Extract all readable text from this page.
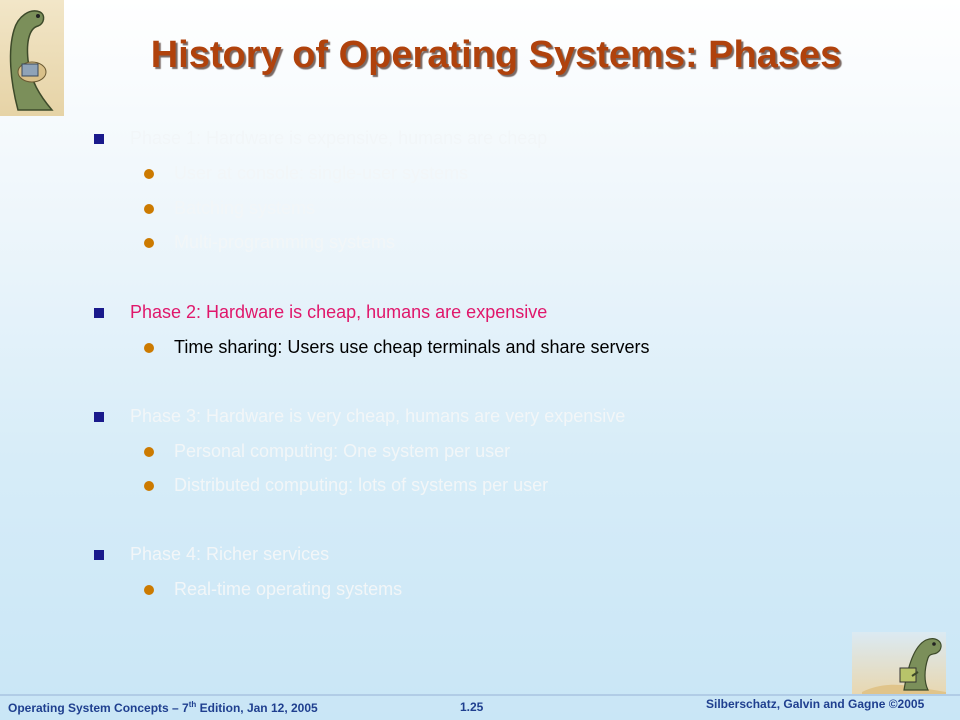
History of Operating Systems: Phases
Phase 1: Hardware is expensive, humans are cheap
User at console: single-user systems
Batching systems
Multi-programming systems
Phase 2: Hardware is cheap, humans are expensive
Time sharing: Users use cheap terminals and share servers
Phase 3: Hardware is very cheap, humans are very expensive
Personal computing: One system per user
Distributed computing: lots of systems per user
Phase 4: Richer services
Real-time operating systems
Operating System Concepts – 7th Edition, Jan 12, 2005	1.25	Silberschatz, Galvin and Gagne ©2005
